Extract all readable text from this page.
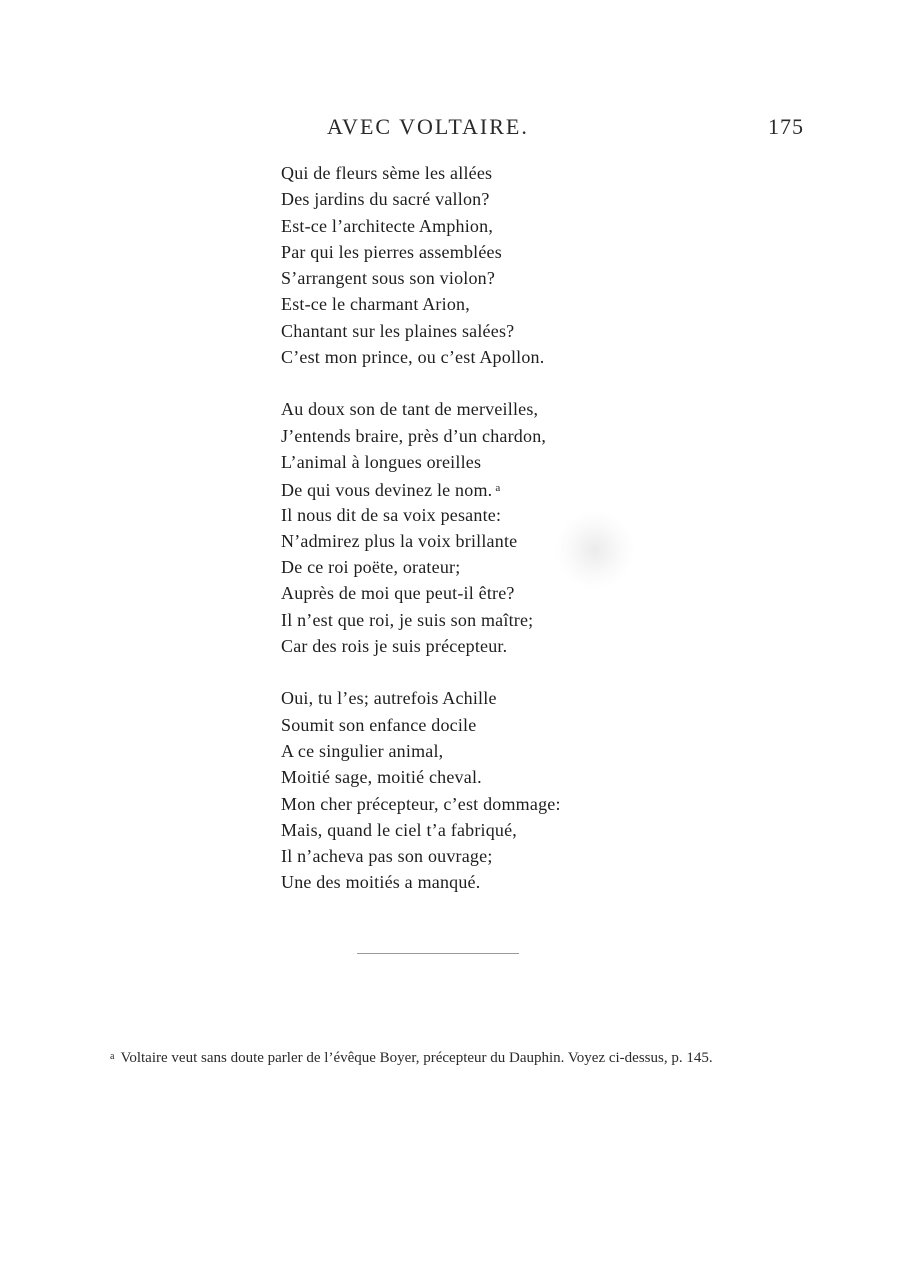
AVEC VOLTAIRE.	175
Qui de fleurs sème les allées
Des jardins du sacré vallon?
Est-ce l’architecte Amphion,
Par qui les pierres assemblées
S’arrangent sous son violon?
Est-ce le charmant Arion,
Chantant sur les plaines salées?
C’est mon prince, ou c’est Apollon.
Au doux son de tant de merveilles,
J’entends braire, près d’un chardon,
L’animal à longues oreilles
De qui vous devinez le nom. $^a$
Il nous dit de sa voix pesante:
N’admirez plus la voix brillante
De ce roi poëte, orateur;
Auprès de moi que peut-il être?
Il n’est que roi, je suis son maître;
Car des rois je suis précepteur.
Oui, tu l’es; autrefois Achille
Soumit son enfance docile
A ce singulier animal,
Moitié sage, moitié cheval.
Mon cher précepteur, c’est dommage:
Mais, quand le ciel t’a fabriqué,
Il n’acheva pas son ouvrage;
Une des moitiés a manqué.
$^a$ Voltaire veut sans doute parler de l’évêque Boyer, précepteur du Dauphin. Voyez ci-dessus, p. 145.
